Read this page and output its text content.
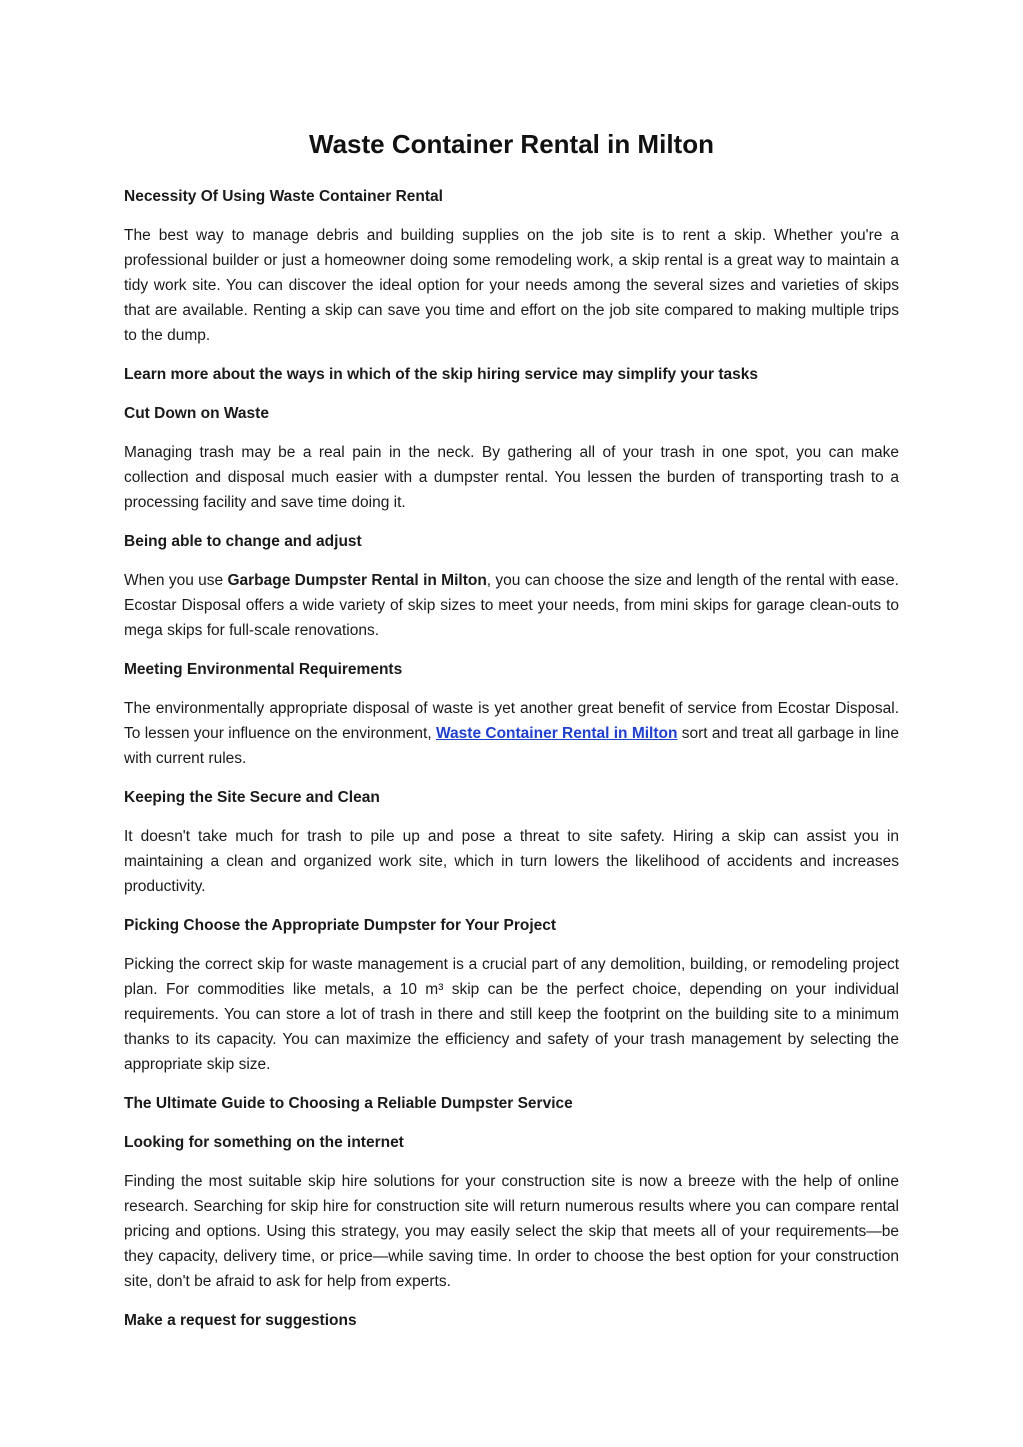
Waste Container Rental in Milton
Necessity Of Using Waste Container Rental
The best way to manage debris and building supplies on the job site is to rent a skip. Whether you're a professional builder or just a homeowner doing some remodeling work, a skip rental is a great way to maintain a tidy work site. You can discover the ideal option for your needs among the several sizes and varieties of skips that are available. Renting a skip can save you time and effort on the job site compared to making multiple trips to the dump.
Learn more about the ways in which of the skip hiring service may simplify your tasks
Cut Down on Waste
Managing trash may be a real pain in the neck. By gathering all of your trash in one spot, you can make collection and disposal much easier with a dumpster rental. You lessen the burden of transporting trash to a processing facility and save time doing it.
Being able to change and adjust
When you use Garbage Dumpster Rental in Milton, you can choose the size and length of the rental with ease. Ecostar Disposal offers a wide variety of skip sizes to meet your needs, from mini skips for garage clean-outs to mega skips for full-scale renovations.
Meeting Environmental Requirements
The environmentally appropriate disposal of waste is yet another great benefit of service from Ecostar Disposal. To lessen your influence on the environment, Waste Container Rental in Milton sort and treat all garbage in line with current rules.
Keeping the Site Secure and Clean
It doesn't take much for trash to pile up and pose a threat to site safety. Hiring a skip can assist you in maintaining a clean and organized work site, which in turn lowers the likelihood of accidents and increases productivity.
Picking Choose the Appropriate Dumpster for Your Project
Picking the correct skip for waste management is a crucial part of any demolition, building, or remodeling project plan. For commodities like metals, a 10 m³ skip can be the perfect choice, depending on your individual requirements. You can store a lot of trash in there and still keep the footprint on the building site to a minimum thanks to its capacity. You can maximize the efficiency and safety of your trash management by selecting the appropriate skip size.
The Ultimate Guide to Choosing a Reliable Dumpster Service
Looking for something on the internet
Finding the most suitable skip hire solutions for your construction site is now a breeze with the help of online research. Searching for skip hire for construction site will return numerous results where you can compare rental pricing and options. Using this strategy, you may easily select the skip that meets all of your requirements—be they capacity, delivery time, or price—while saving time. In order to choose the best option for your construction site, don't be afraid to ask for help from experts.
Make a request for suggestions
